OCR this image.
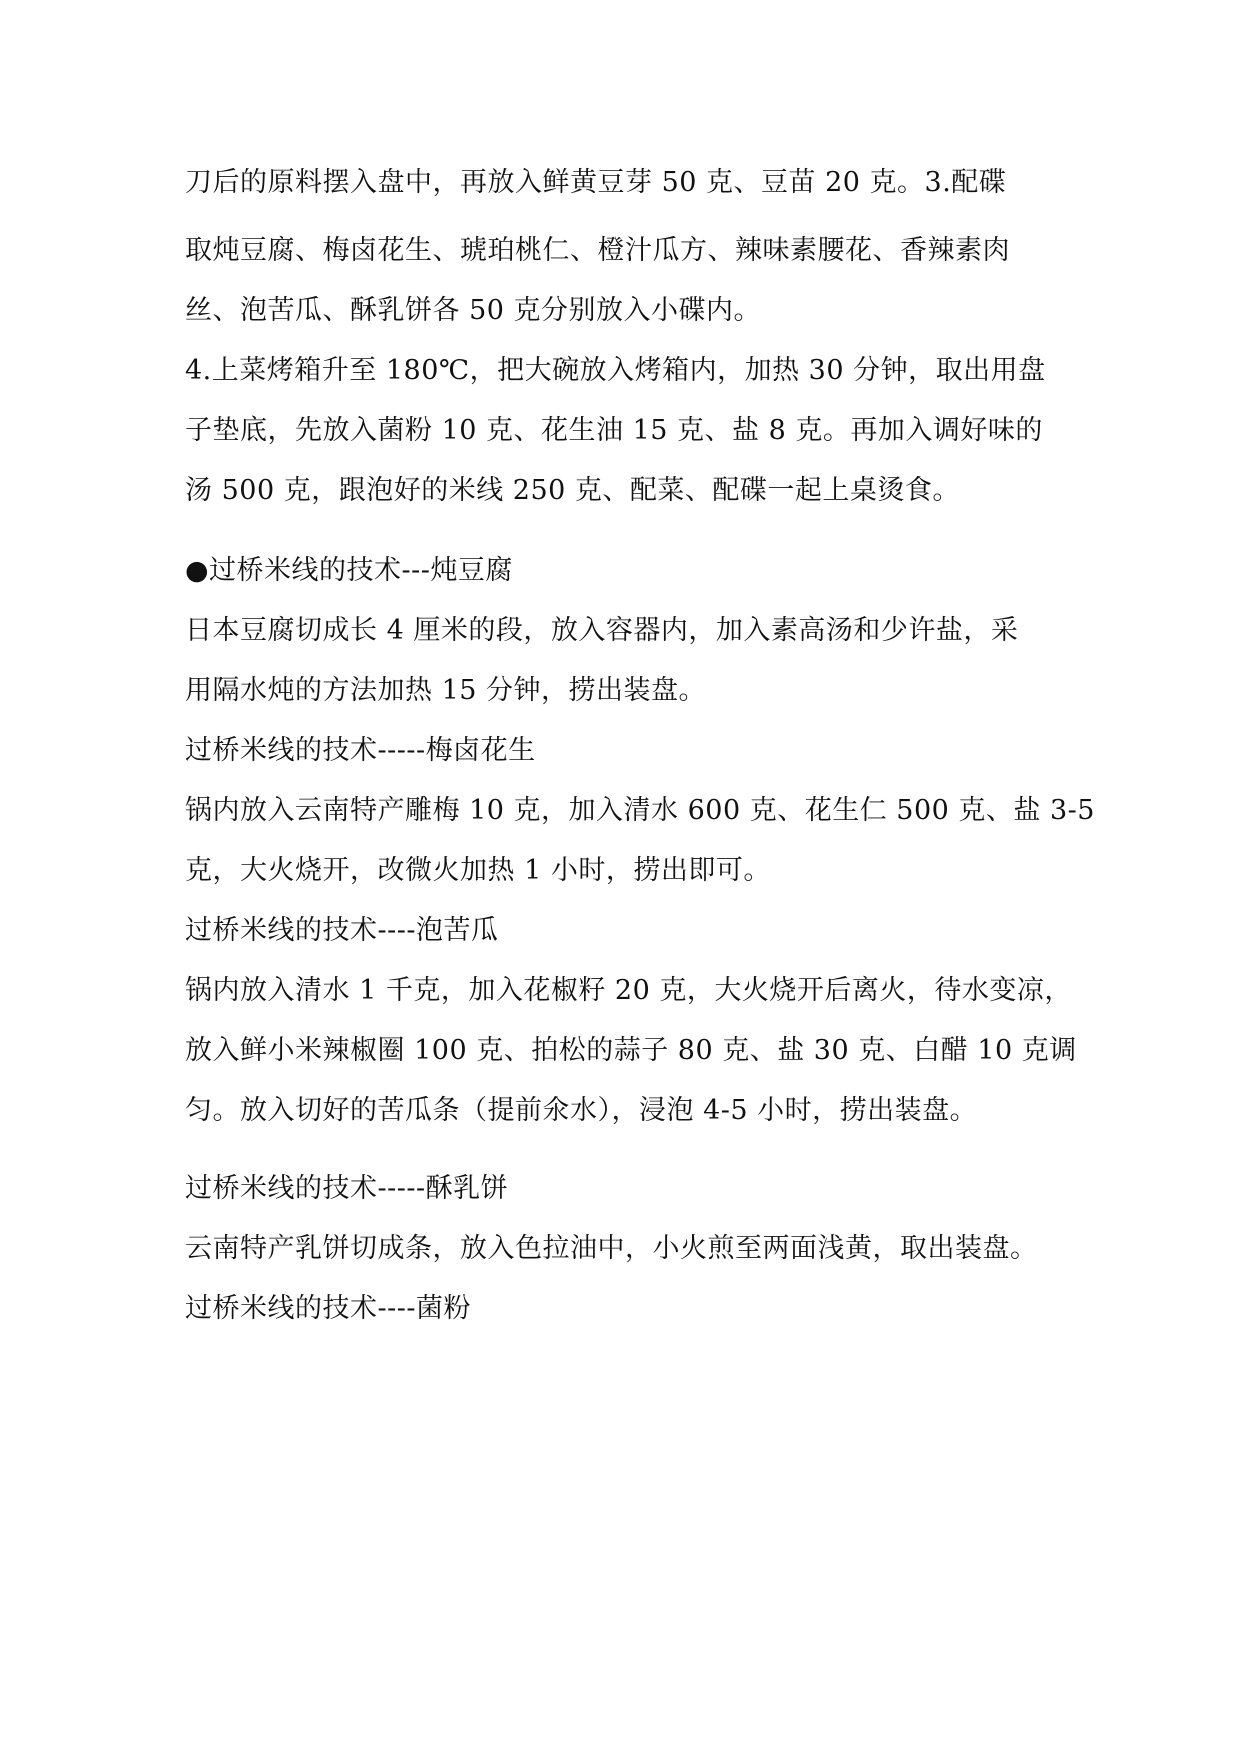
刀后的原料摆入盘中，再放入鲜黄豆芽 50 克、豆苗 20 克。3.配碟
取炖豆腐、梅卤花生、琥珀桃仁、橙汁瓜方、辣味素腰花、香辣素肉
丝、泡苦瓜、酥乳饼各 50 克分别放入小碟内。
4.上菜烤箱升至 180℃，把大碗放入烤箱内，加热 30 分钟，取出用盘
子垫底，先放入菌粉 10 克、花生油 15 克、盐 8 克。再加入调好味的
汤 500 克，跟泡好的米线 250 克、配菜、配碟一起上桌烫食。
●过桥米线的技术---炖豆腐
日本豆腐切成长 4 厘米的段，放入容器内，加入素高汤和少许盐，采
用隔水炖的方法加热 15 分钟，捞出装盘。
过桥米线的技术-----梅卤花生
锅内放入云南特产雕梅 10 克，加入清水 600 克、花生仁 500 克、盐 3-5
克，大火烧开，改微火加热 1 小时，捞出即可。
过桥米线的技术----泡苦瓜
锅内放入清水 1 千克，加入花椒籽 20 克，大火烧开后离火，待水变凉，
放入鲜小米辣椒圈 100 克、拍松的蒜子 80 克、盐 30 克、白醋 10 克调
匀。放入切好的苦瓜条（提前氽水），浸泡 4-5 小时，捞出装盘。
过桥米线的技术-----酥乳饼
云南特产乳饼切成条，放入色拉油中，小火煎至两面浅黄，取出装盘。
过桥米线的技术----菌粉
